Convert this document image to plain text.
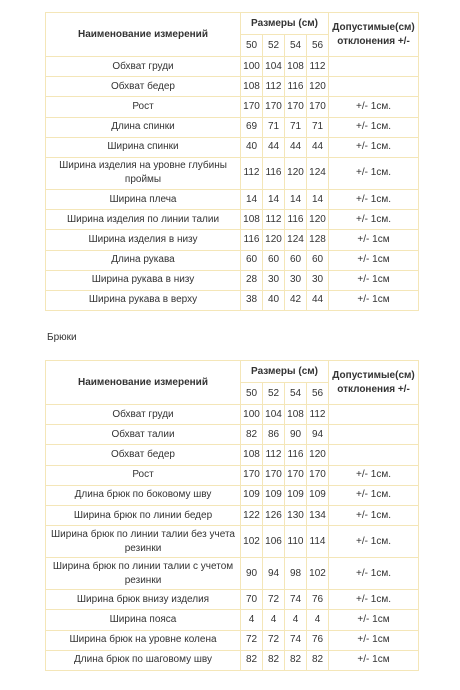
Наименование измерений	Размеры (см)				Допустимые(см) отклонения +/-
	50	52	54	56	
Обхват груди	100	104	108	112	
Обхват бедер	108	112	116	120	
Рост	170	170	170	170	+/- 1см.
Длина спинки	69	71	71	71	+/- 1см.
Ширина спинки	40	44	44	44	+/- 1см.
Ширина изделия на уровне глубины проймы	112	116	120	124	+/- 1см.
Ширина плеча	14	14	14	14	+/- 1см.
Ширина изделия по линии талии	108	112	116	120	+/- 1см.
Ширина изделия в низу	116	120	124	128	+/- 1см
Длина рукава	60	60	60	60	+/- 1см
Ширина рукава в низу	28	30	30	30	+/- 1см
Ширина рукава в верху	38	40	42	44	+/- 1см
Брюки
Наименование измерений	Размеры (см)				Допустимые(см) отклонения +/-
	50	52	54	56	
Обхват груди	100	104	108	112	
Обхват талии	82	86	90	94	
Обхват бедер	108	112	116	120	
Рост	170	170	170	170	+/- 1см.
Длина брюк по боковому шву	109	109	109	109	+/- 1см.
Ширина брюк по линии бедер	122	126	130	134	+/- 1см.
Ширина брюк по линии талии без учета резинки	102	106	110	114	+/- 1см.
Ширина брюк по линии талии с учетом резинки	90	94	98	102	+/- 1см.
Ширина брюк внизу изделия	70	72	74	76	+/- 1см.
Ширина пояса	4	4	4	4	+/- 1см
Ширина брюк на уровне колена	72	72	74	76	+/- 1см
Длина брюк по шаговому шву	82	82	82	82	+/- 1см
